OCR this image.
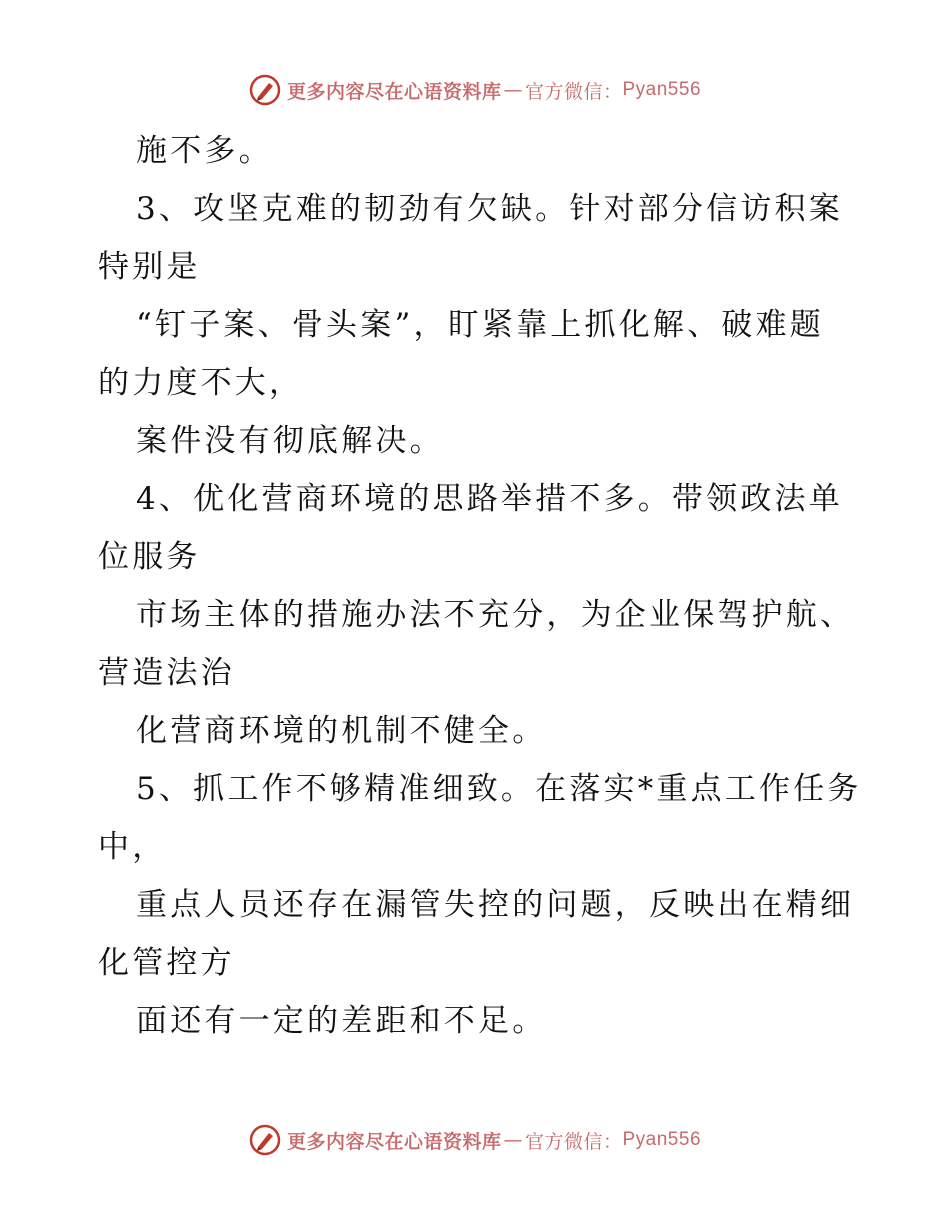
更多内容尽在心语资料库 — 官方微信： Pyan556
施不多。
3、攻坚克难的韧劲有欠缺。针对部分信访积案
特别是
“钉子案、骨头案”，盯紧靠上抓化解、破难题
的力度不大，
案件没有彻底解决。
4、优化营商环境的思路举措不多。带领政法单
位服务
市场主体的措施办法不充分，为企业保驾护航、
营造法治
化营商环境的机制不健全。
5、抓工作不够精准细致。在落实*重点工作任务
中，
重点人员还存在漏管失控的问题，反映出在精细
化管控方
面还有一定的差距和不足。
更多内容尽在心语资料库 — 官方微信： Pyan556
